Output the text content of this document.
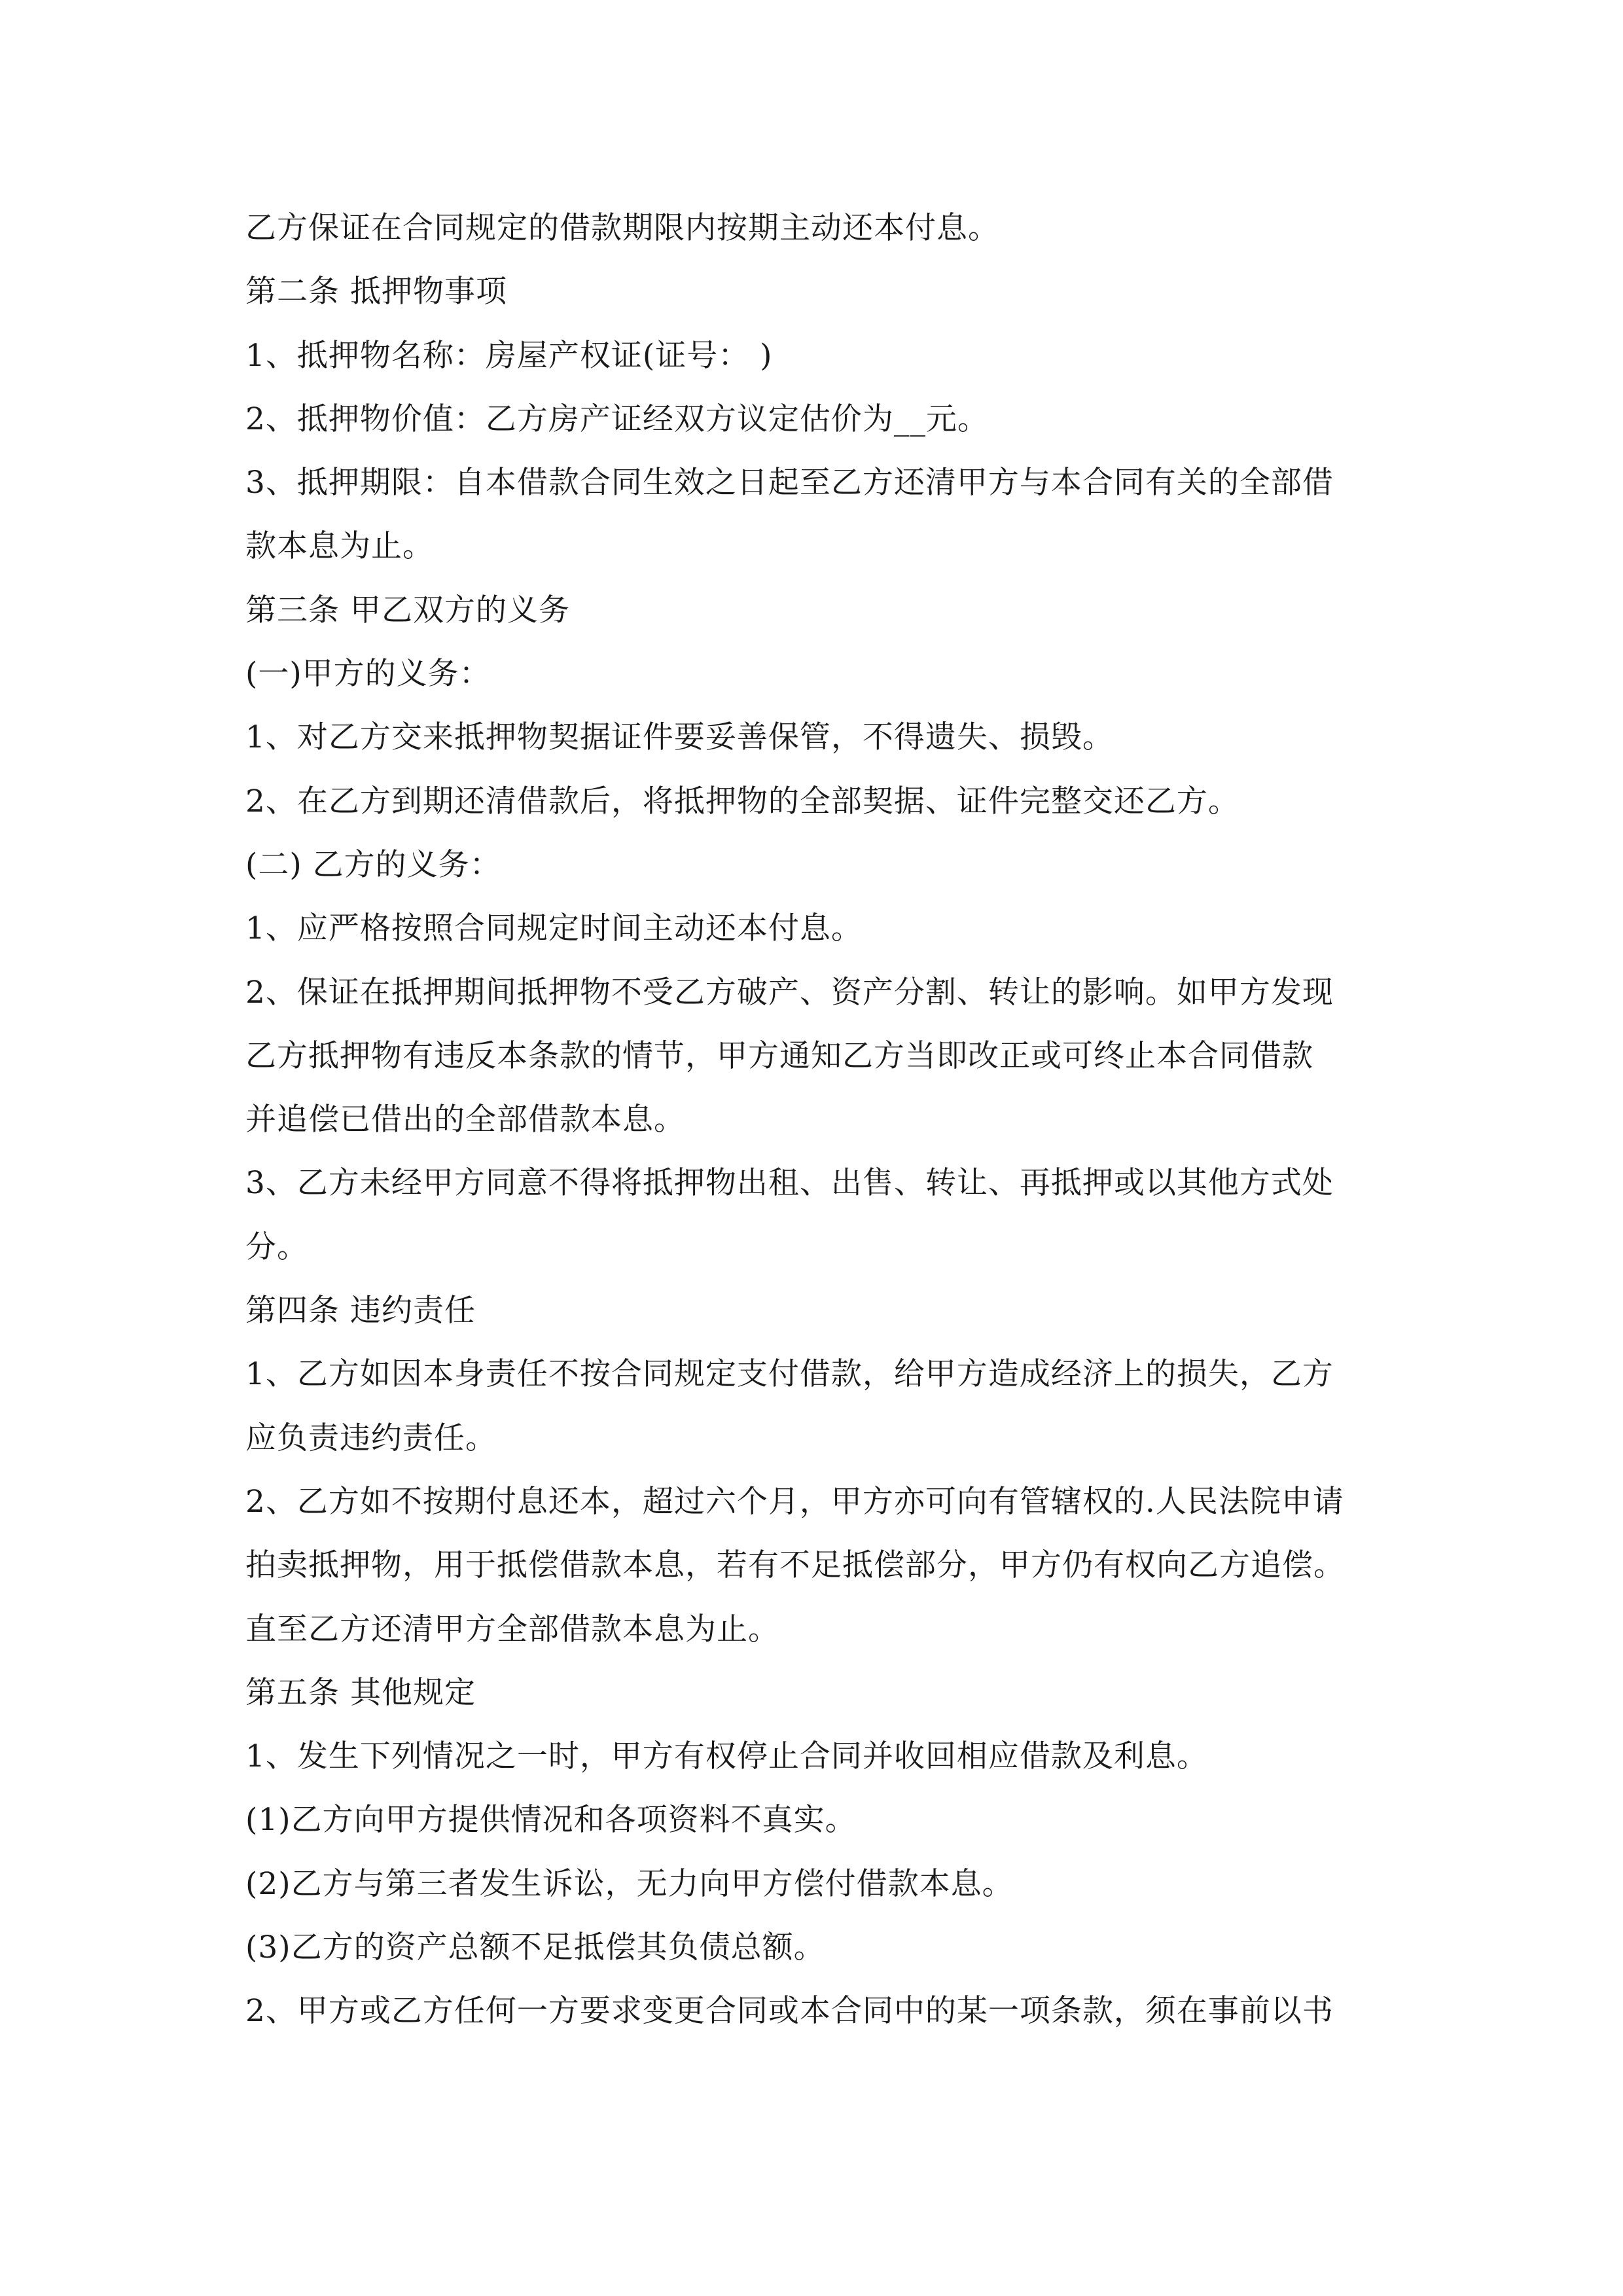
乙方保证在合同规定的借款期限内按期主动还本付息。
第二条 抵押物事项
1、抵押物名称：房屋产权证(证号： )
2、抵押物价值：乙方房产证经双方议定估价为__元。
3、抵押期限：自本借款合同生效之日起至乙方还清甲方与本合同有关的全部借
款本息为止。
第三条 甲乙双方的义务
(一)甲方的义务：
1、对乙方交来抵押物契据证件要妥善保管，不得遗失、损毁。
2、在乙方到期还清借款后，将抵押物的全部契据、证件完整交还乙方。
(二) 乙方的义务：
1、应严格按照合同规定时间主动还本付息。
2、保证在抵押期间抵押物不受乙方破产、资产分割、转让的影响。如甲方发现
乙方抵押物有违反本条款的情节，甲方通知乙方当即改正或可终止本合同借款
并追偿已借出的全部借款本息。
3、乙方未经甲方同意不得将抵押物出租、出售、转让、再抵押或以其他方式处
分。
第四条 违约责任
1、乙方如因本身责任不按合同规定支付借款，给甲方造成经济上的损失，乙方
应负责违约责任。
2、乙方如不按期付息还本，超过六个月，甲方亦可向有管辖权的.人民法院申请
拍卖抵押物，用于抵偿借款本息，若有不足抵偿部分，甲方仍有权向乙方追偿。
直至乙方还清甲方全部借款本息为止。
第五条 其他规定
1、发生下列情况之一时，甲方有权停止合同并收回相应借款及利息。
(1)乙方向甲方提供情况和各项资料不真实。
(2)乙方与第三者发生诉讼，无力向甲方偿付借款本息。
(3)乙方的资产总额不足抵偿其负债总额。
2、甲方或乙方任何一方要求变更合同或本合同中的某一项条款，须在事前以书
